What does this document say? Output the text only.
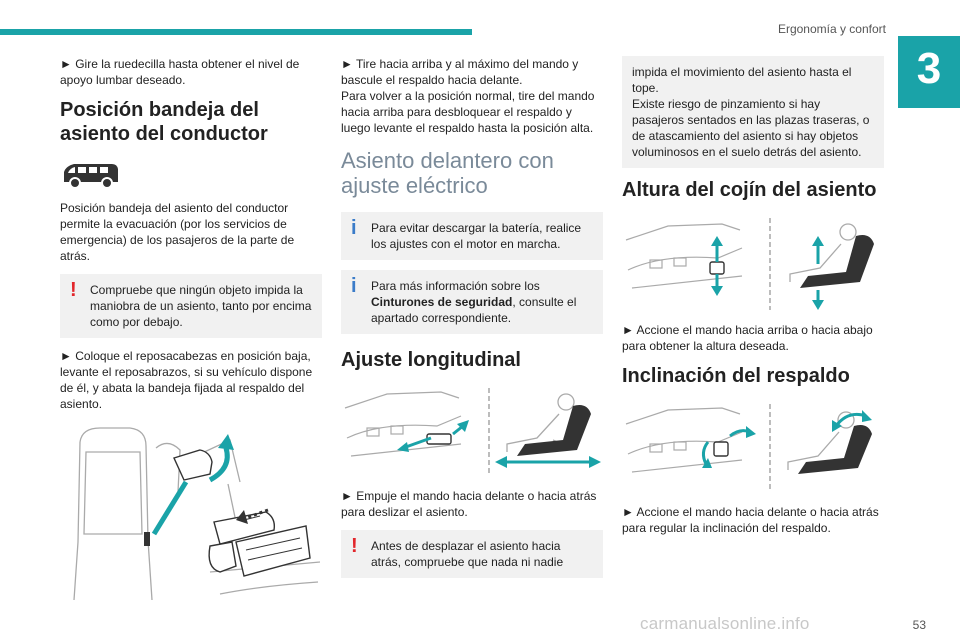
Ergonomía y confort
3

► Gire la ruedecilla hasta obtener el nivel de apoyo lumbar deseado.

Posición bandeja del asiento del conductor

Posición bandeja del asiento del conductor permite la evacuación (por los servicios de emergencia) de los pasajeros de la parte de atrás.

! Compruebe que ningún objeto impida la maniobra de un asiento, tanto por encima como por debajo.

► Coloque el reposacabezas en posición baja, levante el reposabrazos, si su vehículo dispone de él, y abata la bandeja fijada al respaldo del asiento.

► Tire hacia arriba y al máximo del mando y bascule el respaldo hacia delante.
Para volver a la posición normal, tire del mando hacia arriba para desbloquear el respaldo y luego levante el respaldo hasta la posición alta.

Asiento delantero con ajuste eléctrico
i Para evitar descargar la batería, realice los ajustes con el motor en marcha.
i Para más información sobre los Cinturones de seguridad, consulte el apartado correspondiente.
Ajuste longitudinal

► Empuje el mando hacia delante o hacia atrás para deslizar el asiento.

! Antes de desplazar el asiento hacia atrás, compruebe que nada ni nadie
impida el movimiento del asiento hasta el tope.
Existe riesgo de pinzamiento si hay pasajeros sentados en las plazas traseras, o de atascamiento del asiento si hay objetos voluminosos en el suelo detrás del asiento.
Altura del cojín del asiento

► Accione el mando hacia arriba o hacia abajo para obtener la altura deseada.

Inclinación del respaldo

► Accione el mando hacia delante o hacia atrás para regular la inclinación del respaldo.

53
carmanualsonline.info
